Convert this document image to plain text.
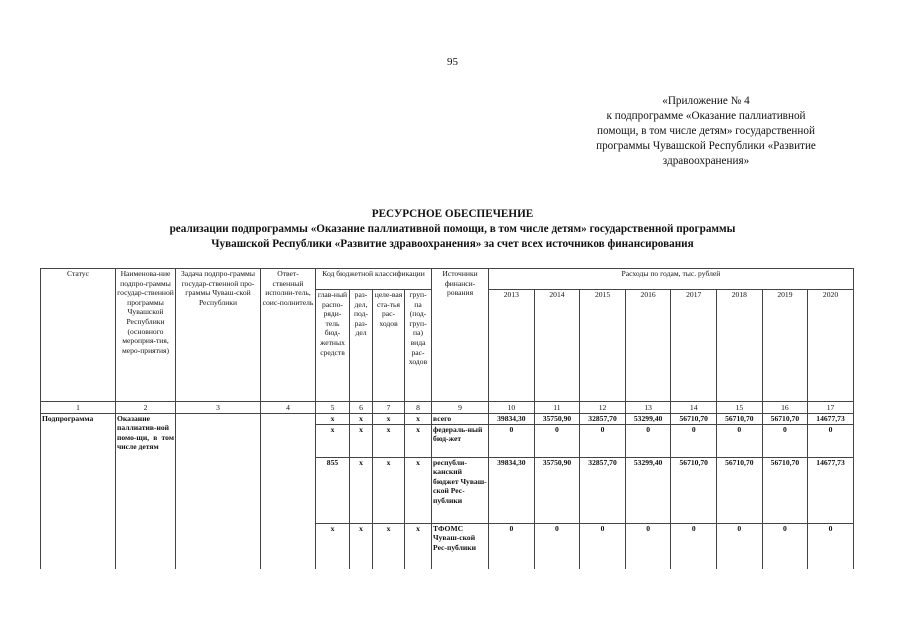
95
«Приложение № 4
к подпрограмме «Оказание паллиативной
помощи, в том числе детям» государственной
программы Чувашской Республики «Развитие
здравоохранения»
РЕСУРСНОЕ ОБЕСПЕЧЕНИЕ
реализации подпрограммы «Оказание паллиативной помощи, в том числе детям» государственной программы
Чувашской Республики «Развитие здравоохранения» за счет всех источников финансирования
Статус	Наименова-ние подпро-граммы государ-ственной программы Чувашской Республики (основного мероприя-тия, меро-приятия)	Задача подпро-граммы государ-ственной про-граммы Чуваш-ской Республики	Ответ-ственный исполни-тель, соис-полнитель	Код бюджетной классификации				Источники финанси-рования	Расходы по годам, тыс. рублей							
				глав-ный распо-ряди-тель бюд-жетных средств	раз-дел, под-раз-дел	целе-вая ста-тья рас-ходов	груп-па (под-груп-па) вида рас-ходов		2013	2014	2015	2016	2017	2018	2019	2020
1	2	3	4	5	6	7	8	9	10	11	12	13	14	15	16	17
Подпрограмма	Оказание паллиатив-ной помо-щи, в том числе детям			х	х	х	х	всего	39834,30	35750,90	32857,70	53299,40	56710,70	56710,70	56710,70	14677,73
				х	х	х	х	федераль-ный бюд-жет	0	0	0	0	0	0	0	0
				855	х	х	х	республи-канский бюджет Чуваш-ской Рес-публики	39834,30	35750,90	32857,70	53299,40	56710,70	56710,70	56710,70	14677,73
				х	х	х	х	ТФОМС Чуваш-ской Рес-публики	0	0	0	0	0	0	0	0
